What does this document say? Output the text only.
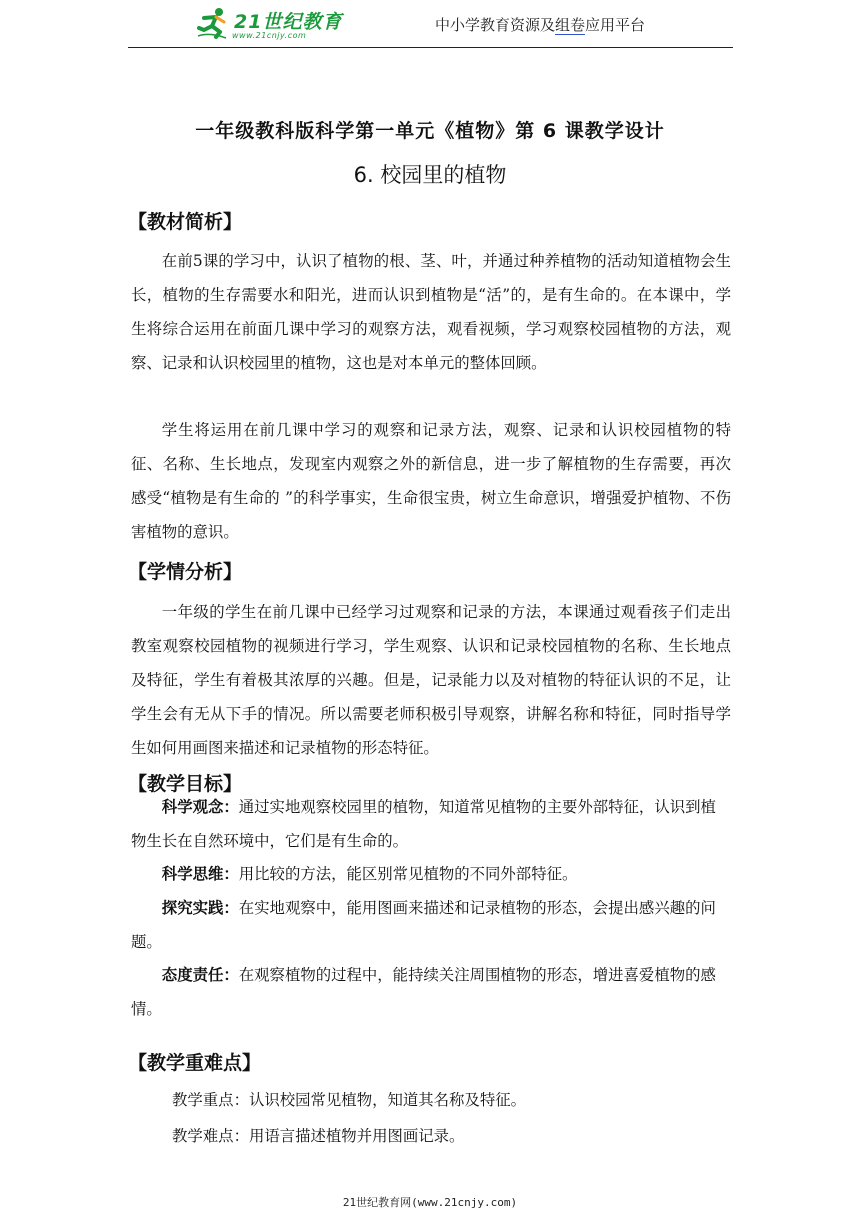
21世纪教育
www.21cnjy.com
中小学教育资源及组卷应用平台
一年级教科版科学第一单元《植物》第 6 课教学设计
6. 校园里的植物
【教材简析】
在前5课的学习中，认识了植物的根、茎、叶，并通过种养植物的活动知道植物会生长，植物的生存需要水和阳光，进而认识到植物是“活”的，是有生命的。在本课中，学生将综合运用在前面几课中学习的观察方法，观看视频，学习观察校园植物的方法，观察、记录和认识校园里的植物，这也是对本单元的整体回顾。
学生将运用在前几课中学习的观察和记录方法，观察、记录和认识校园植物的特征、名称、生长地点，发现室内观察之外的新信息，进一步了解植物的生存需要，再次感受“植物是有生命的 ”的科学事实，生命很宝贵，树立生命意识，增强爱护植物、不伤害植物的意识。
【学情分析】
一年级的学生在前几课中已经学习过观察和记录的方法，本课通过观看孩子们走出教室观察校园植物的视频进行学习，学生观察、认识和记录校园植物的名称、生长地点及特征，学生有着极其浓厚的兴趣。但是，记录能力以及对植物的特征认识的不足，让学生会有无从下手的情况。所以需要老师积极引导观察，讲解名称和特征，同时指导学生如何用画图来描述和记录植物的形态特征。
【教学目标】
科学观念：通过实地观察校园里的植物，知道常见植物的主要外部特征，认识到植物生长在自然环境中，它们是有生命的。
科学思维：用比较的方法，能区别常见植物的不同外部特征。
探究实践：在实地观察中，能用图画来描述和记录植物的形态，会提出感兴趣的问题。
态度责任：在观察植物的过程中，能持续关注周围植物的形态，增进喜爱植物的感情。
【教学重难点】
教学重点：认识校园常见植物，知道其名称及特征。
教学难点：用语言描述植物并用图画记录。
21世纪教育网(www.21cnjy.com)
